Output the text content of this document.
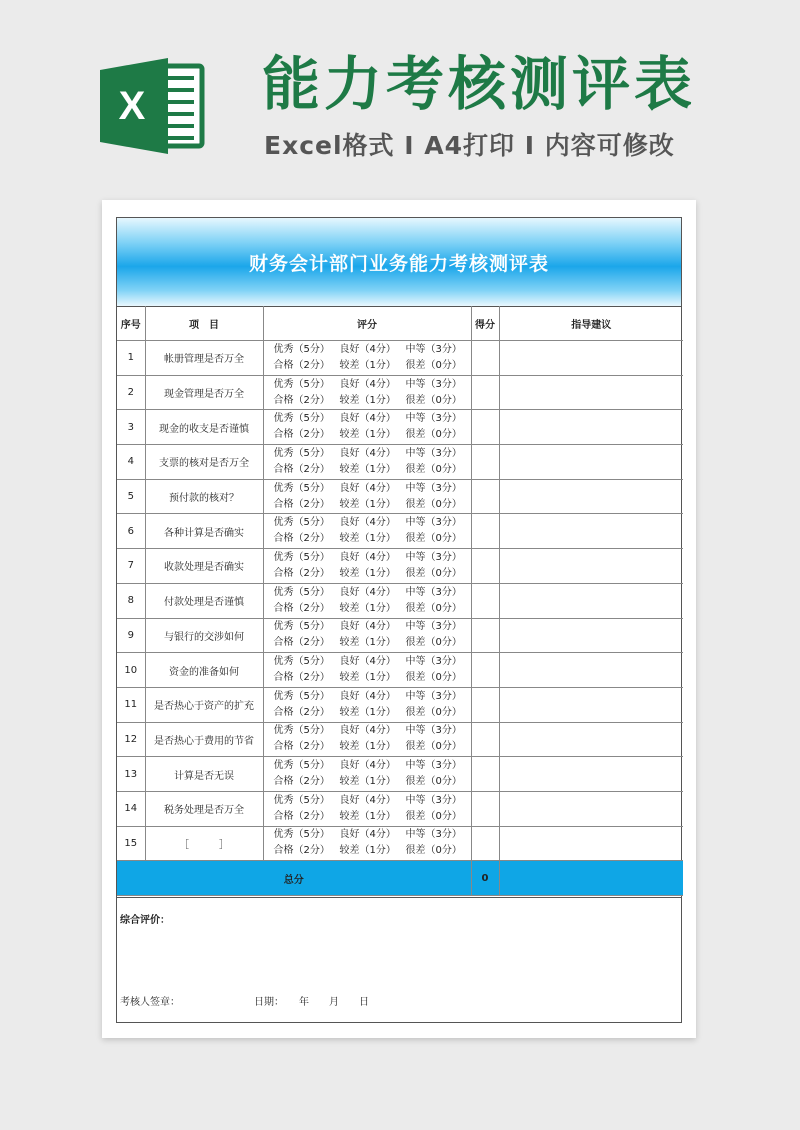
X 能力考核测评表
Excel格式 I A4打印 I 内容可修改
财务会计部门业务能力考核测评表
序号	项　目	评分	得分	指导建议
1	帐册管理是否万全	优秀（5分） 良好（4分） 中等（3分）
合格（2分） 较差（1分） 很差（0分）		

2	现金管理是否万全	优秀（5分） 良好（4分） 中等（3分）
合格（2分） 较差（1分） 很差（0分）		

3	现金的收支是否谨慎	优秀（5分） 良好（4分） 中等（3分）
合格（2分） 较差（1分） 很差（0分）		

4	支票的核对是否万全	优秀（5分） 良好（4分） 中等（3分）
合格（2分） 较差（1分） 很差（0分）		

5	预付款的核对？	优秀（5分） 良好（4分） 中等（3分）
合格（2分） 较差（1分） 很差（0分）		

6	各种计算是否确实	优秀（5分） 良好（4分） 中等（3分）
合格（2分） 较差（1分） 很差（0分）		

7	收款处理是否确实	优秀（5分） 良好（4分） 中等（3分）
合格（2分） 较差（1分） 很差（0分）		

8	付款处理是否谨慎	优秀（5分） 良好（4分） 中等（3分）
合格（2分） 较差（1分） 很差（0分）		

9	与银行的交涉如何	优秀（5分） 良好（4分） 中等（3分）
合格（2分） 较差（1分） 很差（0分）		

10	资金的准备如何	优秀（5分） 良好（4分） 中等（3分）
合格（2分） 较差（1分） 很差（0分）		

11	是否热心于资产的扩充	优秀（5分） 良好（4分） 中等（3分）
合格（2分） 较差（1分） 很差（0分）		

12	是否热心于费用的节省	优秀（5分） 良好（4分） 中等（3分）
合格（2分） 较差（1分） 很差（0分）		

13	计算是否无误	优秀（5分） 良好（4分） 中等（3分）
合格（2分） 较差（1分） 很差（0分）		

14	税务处理是否万全	优秀（5分） 良好（4分） 中等（3分）
合格（2分） 较差（1分） 很差（0分）		

15	［　　　］	优秀（5分） 良好（4分） 中等（3分）
合格（2分） 较差（1分） 很差（0分）		

总分			0	
综合评价：
考核人签章：	日期：　　年　　月　　日
